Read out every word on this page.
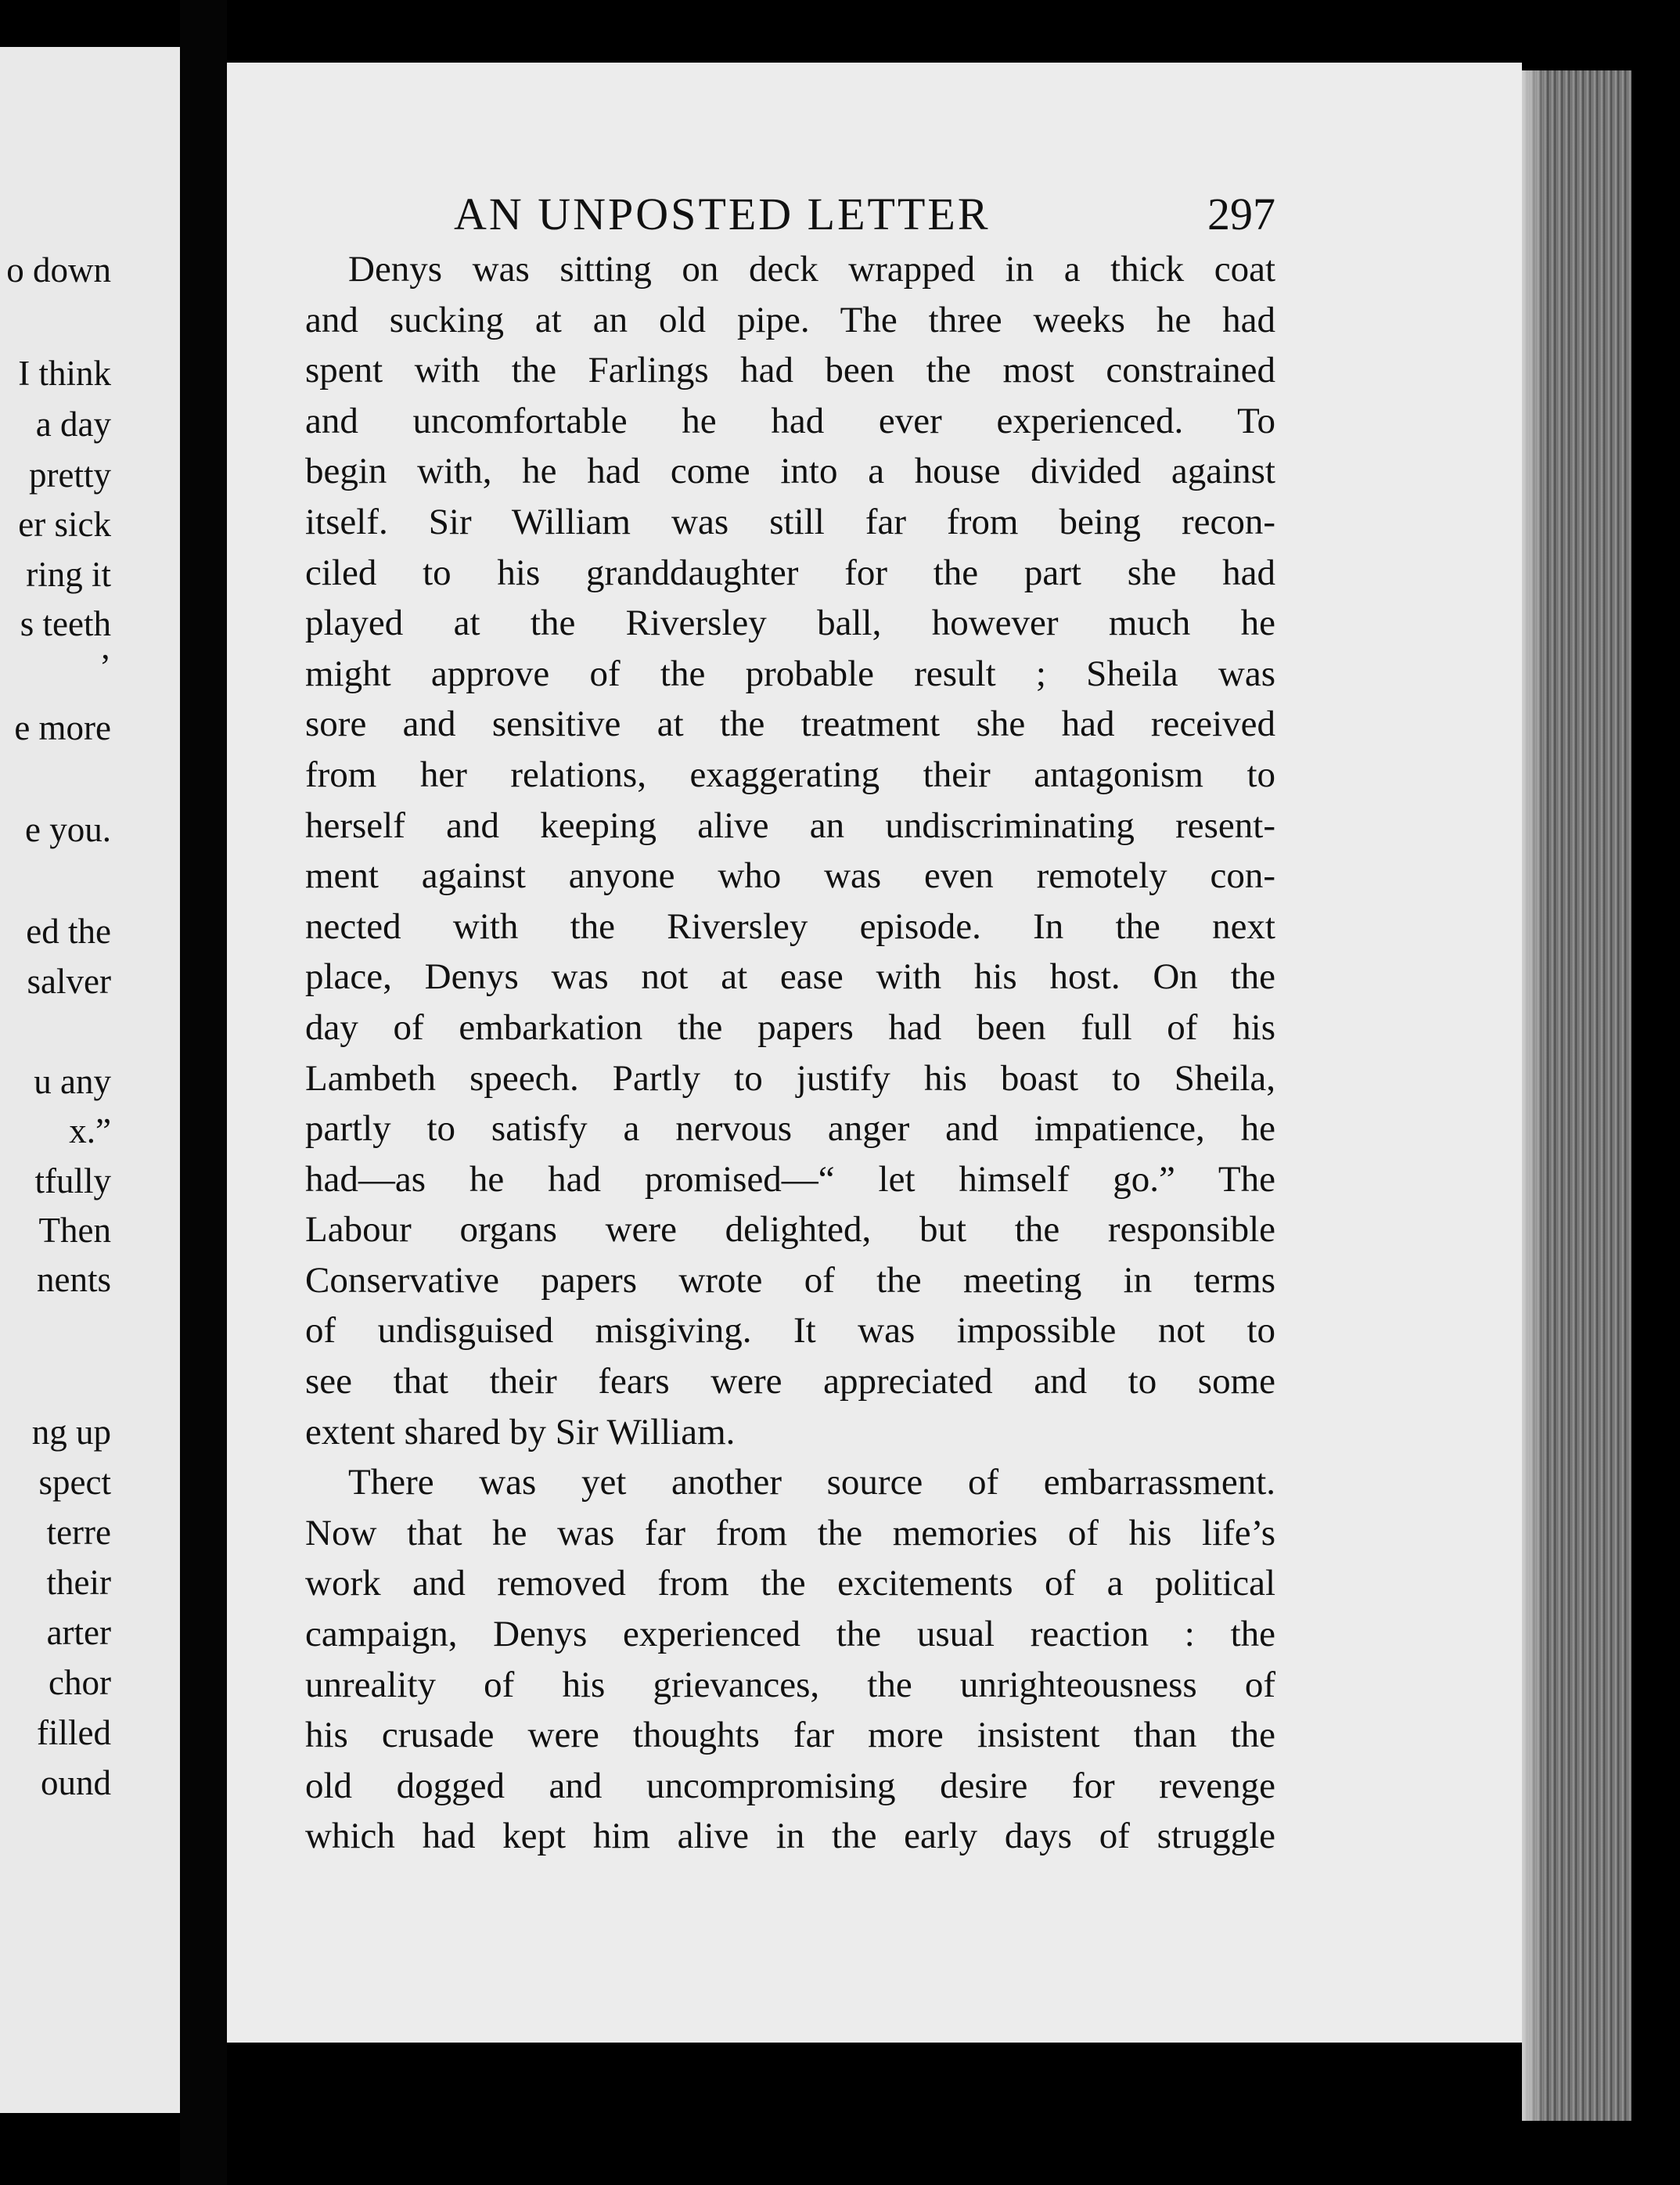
o down
I think
a day
pretty
er sick
ring it
s teeth
’
e more
e you.
ed the
salver
u any
x.”
tfully
Then
nents
ng up
spect
terre
their
arter
chor
filled
ound
AN UNPOSTED LETTER	297
Denys was sitting on deck wrapped in a thick coat
and sucking at an old pipe. The three weeks he had
spent with the Farlings had been the most constrained
and uncomfortable he had ever experienced. To
begin with, he had come into a house divided against
itself. Sir William was still far from being recon-
ciled to his granddaughter for the part she had
played at the Riversley ball, however much he
might approve of the probable result ; Sheila was
sore and sensitive at the treatment she had received
from her relations, exaggerating their antagonism to
herself and keeping alive an undiscriminating resent-
ment against anyone who was even remotely con-
nected with the Riversley episode. In the next
place, Denys was not at ease with his host. On the
day of embarkation the papers had been full of his
Lambeth speech. Partly to justify his boast to Sheila,
partly to satisfy a nervous anger and impatience, he
had—as he had promised—“ let himself go.” The
Labour organs were delighted, but the responsible
Conservative papers wrote of the meeting in terms
of undisguised misgiving. It was impossible not to
see that their fears were appreciated and to some
extent shared by Sir William.
There was yet another source of embarrassment.
Now that he was far from the memories of his life’s
work and removed from the excitements of a political
campaign, Denys experienced the usual reaction : the
unreality of his grievances, the unrighteousness of
his crusade were thoughts far more insistent than the
old dogged and uncompromising desire for revenge
which had kept him alive in the early days of struggle
